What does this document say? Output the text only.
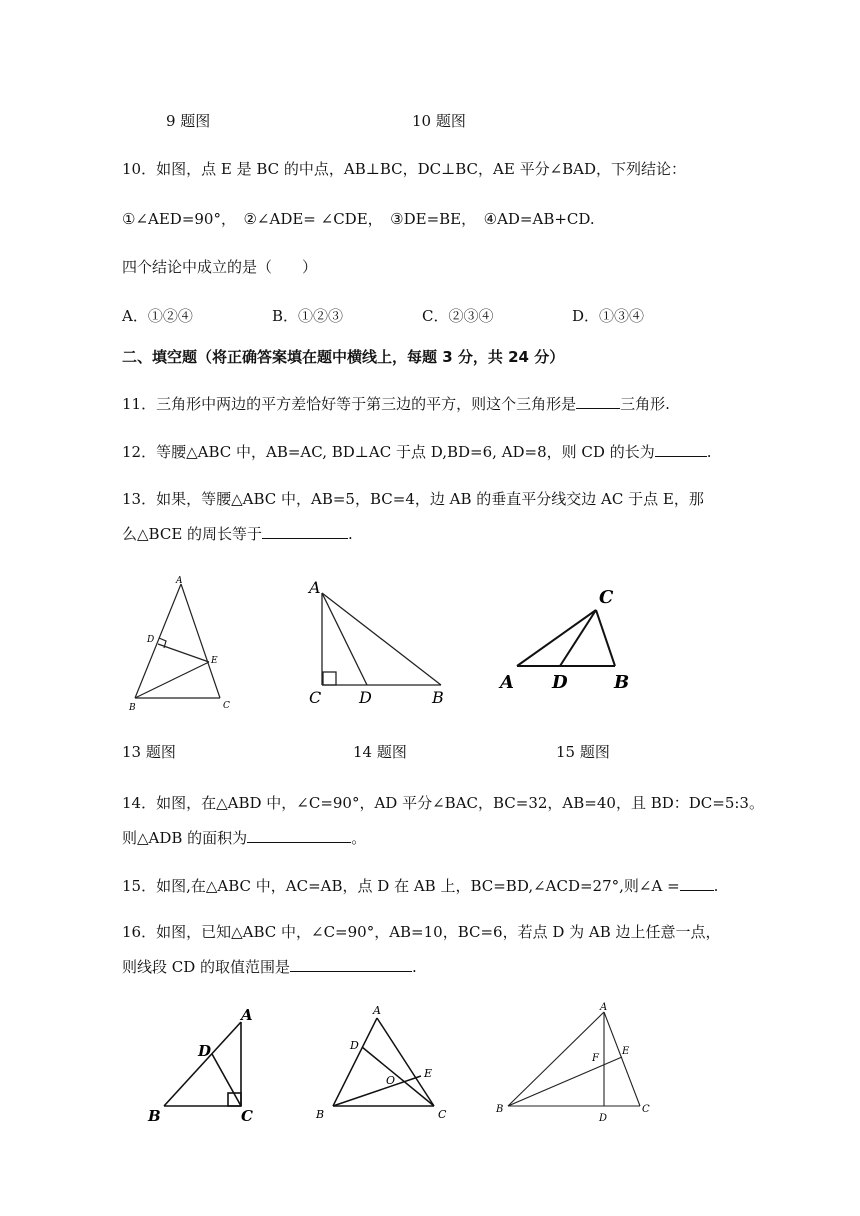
9 题图	10 题图
10．如图，点 E 是 BC 的中点，AB⊥BC，DC⊥BC，AE 平分∠BAD，下列结论：
①∠AED=90°，　②∠ADE= ∠CDE，　③DE=BE，　④AD=AB+CD.
四个结论中成立的是（　　）
A．①②④	B．①②③	C．②③④	D．①③④
二、填空题（将正确答案填在题中横线上，每题 3 分，共 24 分）
11．三角形中两边的平方差恰好等于第三边的平方，则这个三角形是	三角形.
12．等腰△ABC 中，AB=AC, BD⊥AC 于点 D,BD=6, AD=8，则 CD 的长为	.
13．如果，等腰△ABC 中，AB=5，BC=4，边 AB 的垂直平分线交边 AC 于点 E，那
么△BCE 的周长等于	.
A
D
E
B	C
A
C D	B
C
A D	B
13 题图	14 题图	15 题图
14．如图，在△ABD 中，∠C=90°，AD 平分∠BAC，BC=32，AB=40，且 BD：DC=5:3。
则△ADB 的面积为	。
15．如图,在△ABC 中，AC=AB，点 D 在 AB 上，BC=BD,∠ACD=27°,则∠A = .
16．如图，已知△ABC 中，∠C=90°，AB=10，BC=6，若点 D 为 AB 边上任意一点，
则线段 CD 的取值范围是	.
A
D
B	C
A
D
O
E
B	C
A
F
E
B
D
C
